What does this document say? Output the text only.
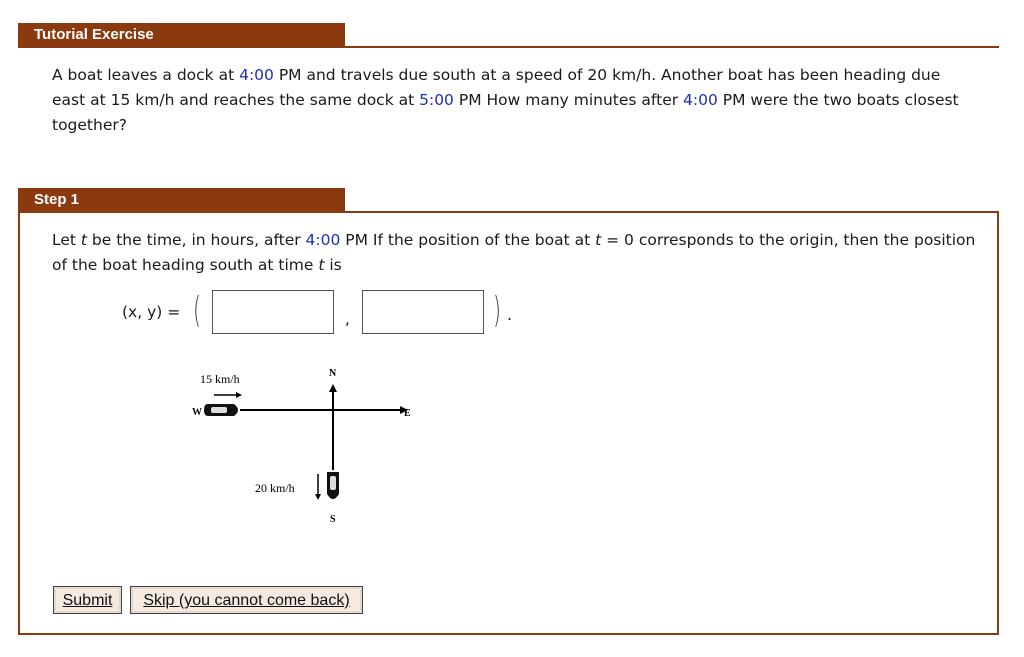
Tutorial Exercise
A boat leaves a dock at 4:00 PM and travels due south at a speed of 20 km/h. Another boat has been heading due east at 15 km/h and reaches the same dock at 5:00 PM How many minutes after 4:00 PM were the two boats closest together?
Step 1
Let t be the time, in hours, after 4:00 PM If the position of the boat at t = 0 corresponds to the origin, then the position of the boat heading south at time t is
(x, y) = (	,	) .
N
S
E
W
15 km/h
20 km/h
Submit	Skip (you cannot come back)
